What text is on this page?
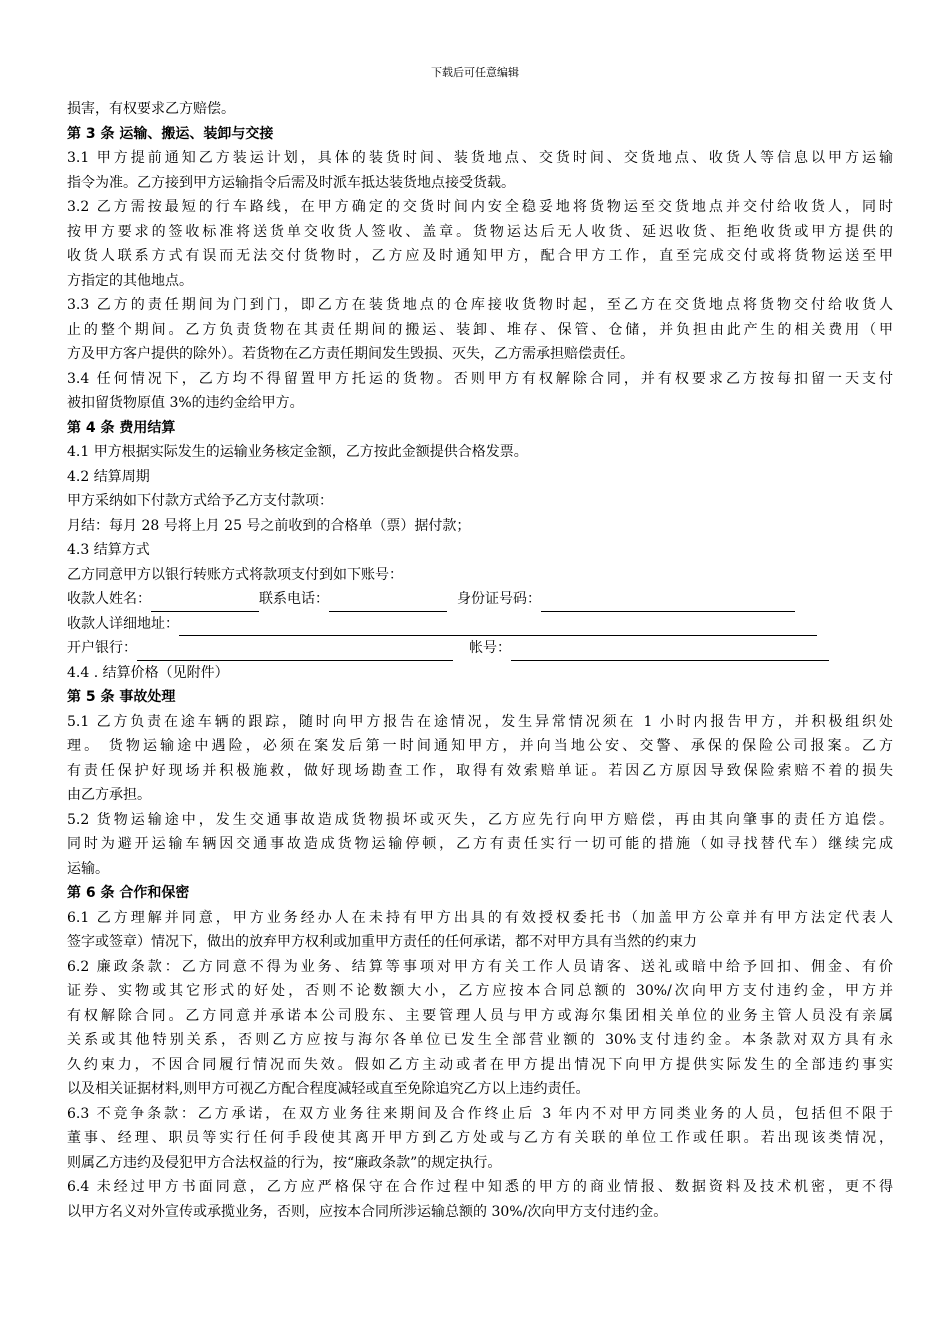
下载后可任意编辑

损害，有权要求乙方赔偿。

第 3 条 运输、搬运、装卸与交接

3.1 甲方提前通知乙方装运计划，具体的装货时间、装货地点、交货时间、交货地点、收货人等信息以甲方运输

指令为准。乙方接到甲方运输指令后需及时派车抵达装货地点接受货载。

3.2 乙方需按最短的行车路线，在甲方确定的交货时间内安全稳妥地将货物运至交货地点并交付给收货人，同时

按甲方要求的签收标准将送货单交收货人签收、盖章。货物运达后无人收货、延迟收货、拒绝收货或甲方提供的

收货人联系方式有误而无法交付货物时，乙方应及时通知甲方，配合甲方工作，直至完成交付或将货物运送至甲

方指定的其他地点。

3.3 乙方的责任期间为门到门，即乙方在装货地点的仓库接收货物时起，至乙方在交货地点将货物交付给收货人

止的整个期间。乙方负责货物在其责任期间的搬运、装卸、堆存、保管、仓储，并负担由此产生的相关费用（甲

方及甲方客户提供的除外）。若货物在乙方责任期间发生毁损、灭失，乙方需承担赔偿责任。

3.4 任何情况下，乙方均不得留置甲方托运的货物。否则甲方有权解除合同，并有权要求乙方按每扣留一天支付

被扣留货物原值 3%的违约金给甲方。

第 4 条 费用结算

4.1 甲方根据实际发生的运输业务核定金额，乙方按此金额提供合格发票。

4.2 结算周期

甲方采纳如下付款方式给予乙方支付款项：

月结：每月 28 号将上月 25 号之前收到的合格单（票）据付款；

4.3 结算方式

乙方同意甲方以银行转账方式将款项支付到如下账号：

收款人姓名：	联系电话：	身份证号码：
收款人详细地址：
开户银行：	帐号：

4.4 . 结算价格（见附件）

第 5 条 事故处理

5.1 乙方负责在途车辆的跟踪，随时向甲方报告在途情况，发生异常情况须在 1 小时内报告甲方，并积极组织处

理。 货物运输途中遇险，必须在案发后第一时间通知甲方，并向当地公安、交警、承保的保险公司报案。乙方

有责任保护好现场并积极施救，做好现场勘查工作，取得有效索赔单证。若因乙方原因导致保险索赔不着的损失

由乙方承担。

5.2 货物运输途中，发生交通事故造成货物损坏或灭失，乙方应先行向甲方赔偿，再由其向肇事的责任方追偿。

同时为避开运输车辆因交通事故造成货物运输停顿，乙方有责任实行一切可能的措施（如寻找替代车）继续完成

运输。

第 6 条 合作和保密

6.1 乙方理解并同意，甲方业务经办人在未持有甲方出具的有效授权委托书（加盖甲方公章并有甲方法定代表人

签字或签章）情况下，做出的放弃甲方权利或加重甲方责任的任何承诺，都不对甲方具有当然的约束力

6.2 廉政条款：乙方同意不得为业务、结算等事项对甲方有关工作人员请客、送礼或暗中给予回扣、佣金、有价

证券、实物或其它形式的好处，否则不论数额大小，乙方应按本合同总额的 30%/次向甲方支付违约金，甲方并

有权解除合同。乙方同意并承诺本公司股东、主要管理人员与甲方或海尔集团相关单位的业务主管人员没有亲属

关系或其他特别关系，否则乙方应按与海尔各单位已发生全部营业额的 30%支付违约金。本条款对双方具有永

久约束力，不因合同履行情况而失效。假如乙方主动或者在甲方提出情况下向甲方提供实际发生的全部违约事实

以及相关证据材料,则甲方可视乙方配合程度减轻或直至免除追究乙方以上违约责任。

6.3 不竞争条款：乙方承诺，在双方业务往来期间及合作终止后 3 年内不对甲方同类业务的人员，包括但不限于

董事、经理、职员等实行任何手段使其离开甲方到乙方处或与乙方有关联的单位工作或任职。若出现该类情况，

则属乙方违约及侵犯甲方合法权益的行为，按“廉政条款”的规定执行。

6.4 未经过甲方书面同意，乙方应严格保守在合作过程中知悉的甲方的商业情报、数据资料及技术机密，更不得

以甲方名义对外宣传或承揽业务，否则，应按本合同所涉运输总额的 30%/次向甲方支付违约金。
